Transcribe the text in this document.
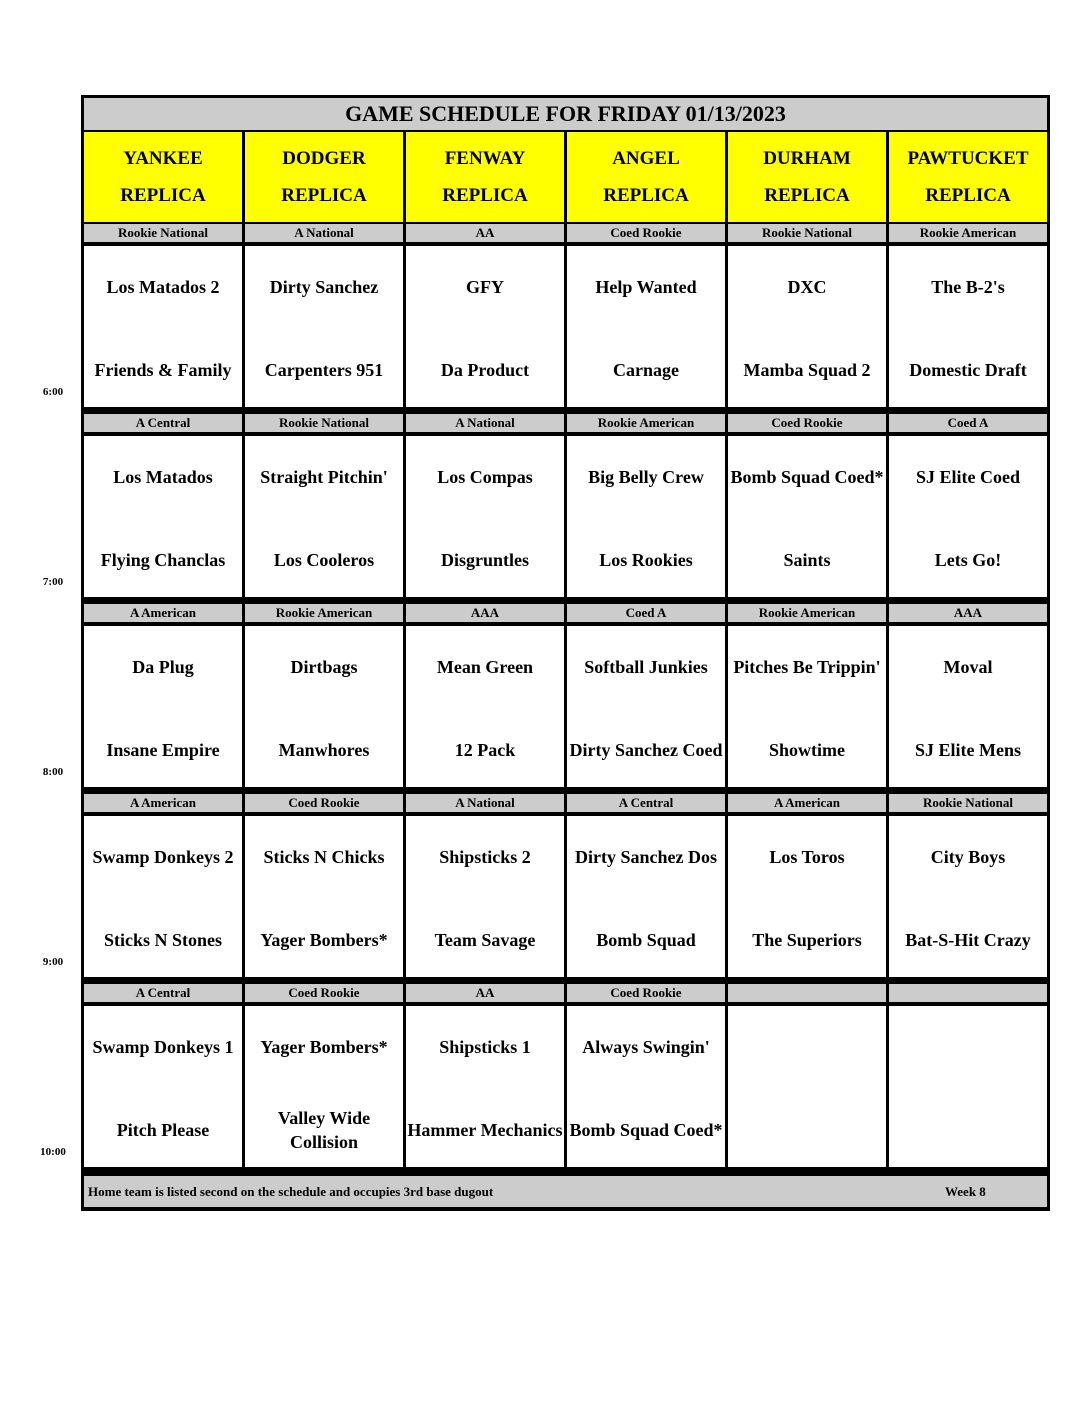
GAME SCHEDULE FOR FRIDAY 01/13/2023
YANKEE
REPLICA
DODGER
REPLICA
FENWAY
REPLICA
ANGEL
REPLICA
DURHAM
REPLICA
PAWTUCKET
REPLICA
Rookie National
Los Matados 2
Friends & Family
A National
Dirty Sanchez
Carpenters 951
AA
GFY
Da Product
Coed Rookie
Help Wanted
Carnage
Rookie National
DXC
Mamba Squad 2
Rookie American
The B-2's
Domestic Draft
A Central
Los Matados
Flying Chanclas
Rookie National
Straight Pitchin'
Los Cooleros
A National
Los Compas
Disgruntles
Rookie American
Big Belly Crew
Los Rookies
Coed Rookie
Bomb Squad Coed*
Saints
Coed A
SJ Elite Coed
Lets Go!
A American
Da Plug
Insane Empire
Rookie American
Dirtbags
Manwhores
AAA
Mean Green
12 Pack
Coed A
Softball Junkies
Dirty Sanchez Coed
Rookie American
Pitches Be Trippin'
Showtime
AAA
Moval
SJ Elite Mens
A American
Swamp Donkeys 2
Sticks N Stones
Coed Rookie
Sticks N Chicks
Yager Bombers*
A National
Shipsticks 2
Team Savage
A Central
Dirty Sanchez Dos
Bomb Squad
A American
Los Toros
The Superiors
Rookie National
City Boys
Bat-S-Hit Crazy
A Central
Swamp Donkeys 1
Pitch Please
Coed Rookie
Yager Bombers*
Valley Wide Collision
AA
Shipsticks 1
Hammer Mechanics
Coed Rookie
Always Swingin'
Bomb Squad Coed*
Home team is listed second on the schedule and occupies 3rd base dugout	Week 8
6:00
7:00
8:00
9:00
10:00
